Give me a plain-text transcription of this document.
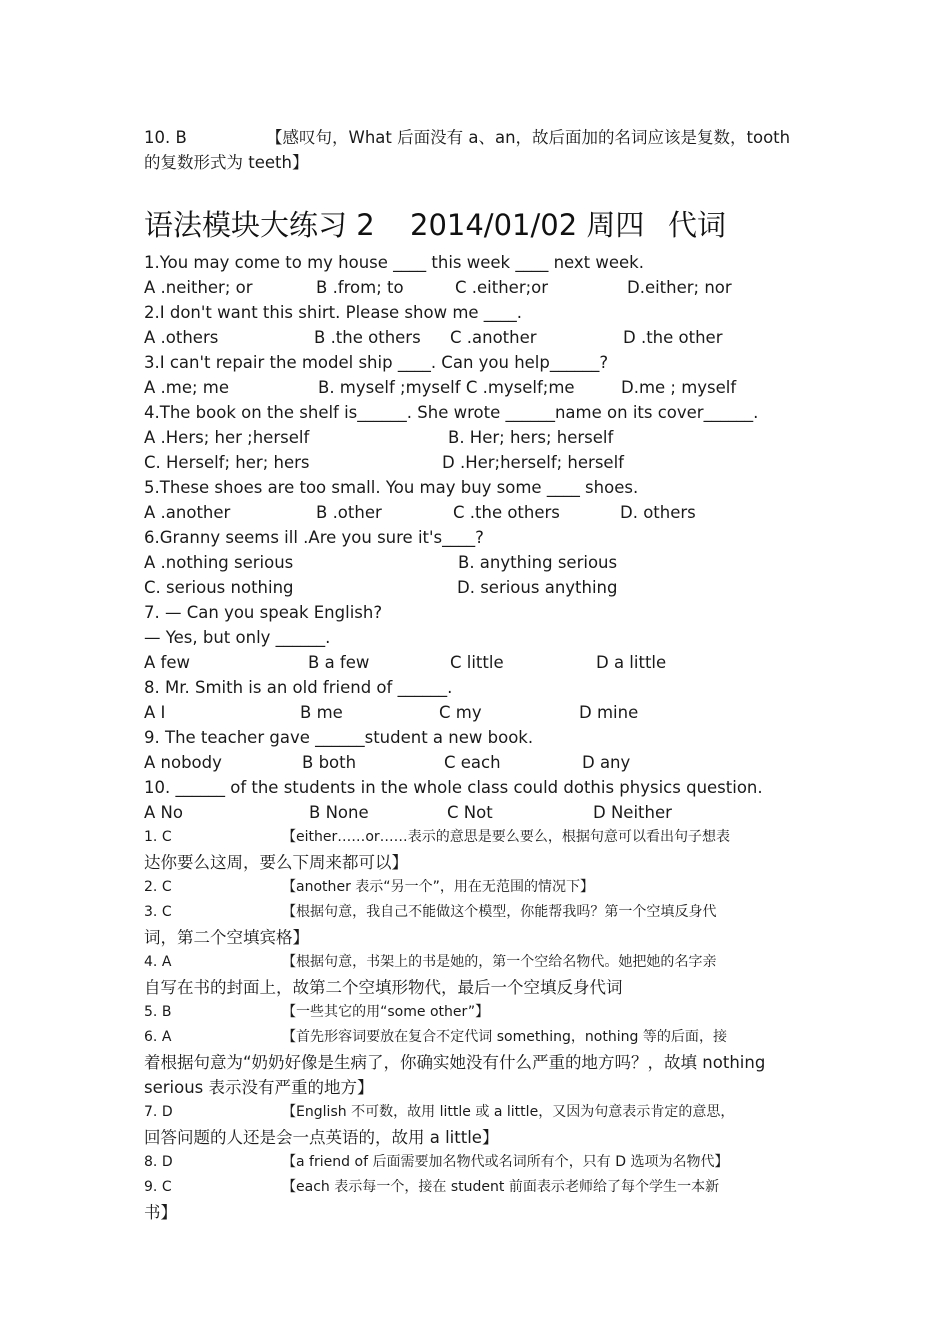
10. B	【感叹句，What 后面没有 a、an，故后面加的名词应该是复数，tooth
的复数形式为 teeth】
语法模块大练习 2 2014/01/02 周四 代词
1.You may come to my house ____ this week ____ next week.
A .neither; or	B .from; to	C .either;or	D.either; nor
2.I don't want this shirt. Please show me ____.
A .others	B .the others C .another	D .the other
3.I can't repair the model ship ____. Can you help______?
A .me; me	B. myself ;myself C .myself;me	D.me ; myself
4.The book on the shelf is______. She wrote ______name on its cover______.
A .Hers; her ;herself	B. Her; hers; herself
C. Herself; her; hers	D .Her;herself; herself
5.These shoes are too small. You may buy some ____ shoes.
A .another	B .other	C .the others	D. others
6.Granny seems ill .Are you sure it's____?
A .nothing serious	B. anything serious
C. serious nothing	D. serious anything
7. — Can you speak English?
— Yes, but only ______.
A few	B a few	C little	D a little
8. Mr. Smith is an old friend of ______.
A I	B me	C my	D mine
9. The teacher gave ______student a new book.
A nobody	B both	C each	D any
10. ______ of the students in the whole class could dothis physics question.
A No	B None	C Not	D Neither
1. C	【either……or……表示的意思是要么要么，根据句意可以看出句子想表
达你要么这周，要么下周来都可以】
2. C	【another 表示“另一个”，用在无范围的情况下】
3. C	【根据句意，我自己不能做这个模型，你能帮我吗？第一个空填反身代
词，第二个空填宾格】
4. A	【根据句意，书架上的书是她的，第一个空给名物代。她把她的名字亲
自写在书的封面上，故第二个空填形物代，最后一个空填反身代词
5. B	【一些其它的用“some other”】
6. A	【首先形容词要放在复合不定代词 something，nothing 等的后面，接
着根据句意为“奶奶好像是生病了，你确实她没有什么严重的地方吗？，故填 nothing
serious 表示没有严重的地方】
7. D	【English 不可数，故用 little 或 a little，又因为句意表示肯定的意思，
回答问题的人还是会一点英语的，故用 a little】
8. D	【a friend of 后面需要加名物代或名词所有个，只有 D 选项为名物代】
9. C	【each 表示每一个，接在 student 前面表示老师给了每个学生一本新
书】
